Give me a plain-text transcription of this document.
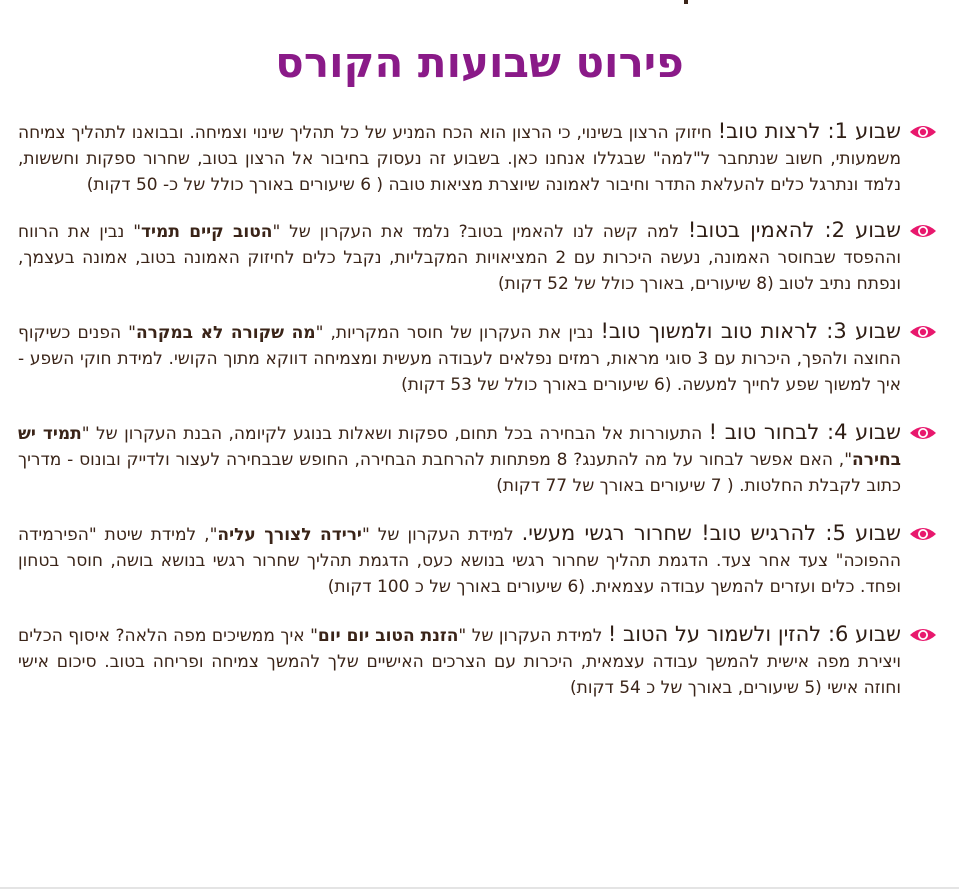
פירוט שבועות הקורס
שבוע 1: לרצות טוב! חיזוק הרצון בשינוי, כי הרצון הוא הכח המניע של כל תהליך שינוי וצמיחה. ובבואנו לתהליך צמיחה משמעותי, חשוב שנתחבר ל"למה" שבגללו אנחנו כאן. בשבוע זה נעסוק בחיבור אל הרצון בטוב, שחרור ספקות וחששות, נלמד ונתרגל כלים להעלאת התדר וחיבור לאמונה שיוצרת מציאות טובה ( 6 שיעורים באורך כולל של כ- 50 דקות)
שבוע 2: להאמין בטוב! למה קשה לנו להאמין בטוב? נלמד את העקרון של "הטוב קיים תמיד" נבין את הרווח וההפסד שבחוסר האמונה, נעשה היכרות עם 2 המציאויות המקבליות, נקבל כלים לחיזוק האמונה בטוב, אמונה בעצמך, ונפתח נתיב לטוב (8 שיעורים, באורך כולל של 52 דקות)
שבוע 3: לראות טוב ולמשוך טוב! נבין את העקרון של חוסר המקריות, "מה שקורה לא במקרה" הפנים כשיקוף החוצה ולהפך, היכרות עם 3 סוגי מראות, רמזים נפלאים לעבודה מעשית ומצמיחה דווקא מתוך הקושי. למידת חוקי השפע - איך למשוך שפע לחייך למעשה. (6 שיעורים באורך כולל של 53 דקות)
שבוע 4: לבחור טוב ! התעוררות אל הבחירה בכל תחום, ספקות ושאלות בנוגע לקיומה, הבנת העקרון של "תמיד יש בחירה", האם אפשר לבחור על מה להתענג? 8 מפתחות להרחבת הבחירה, החופש שבבחירה לעצור ולדייק ובונוס - מדריך כתוב לקבלת החלטות. ( 7 שיעורים באורך של 77 דקות)
שבוע 5: להרגיש טוב! שחרור רגשי מעשי. למידת העקרון של "ירידה לצורך עליה", למידת שיטת "הפירמידה ההפוכה" צעד אחר צעד. הדגמת תהליך שחרור רגשי בנושא כעס, הדגמת תהליך שחרור רגשי בנושא בושה, חוסר בטחון ופחד. כלים ועזרים להמשך עבודה עצמאית. (6 שיעורים באורך של כ 100 דקות)
שבוע 6: להזין ולשמור על הטוב ! למידת העקרון של "הזנת הטוב יום יום" איך ממשיכים מפה הלאה? איסוף הכלים ויצירת מפה אישית להמשך עבודה עצמאית, היכרות עם הצרכים האישיים שלך להמשך צמיחה ופריחה בטוב. סיכום אישי וחוזה אישי (5 שיעורים, באורך של כ 54 דקות)
